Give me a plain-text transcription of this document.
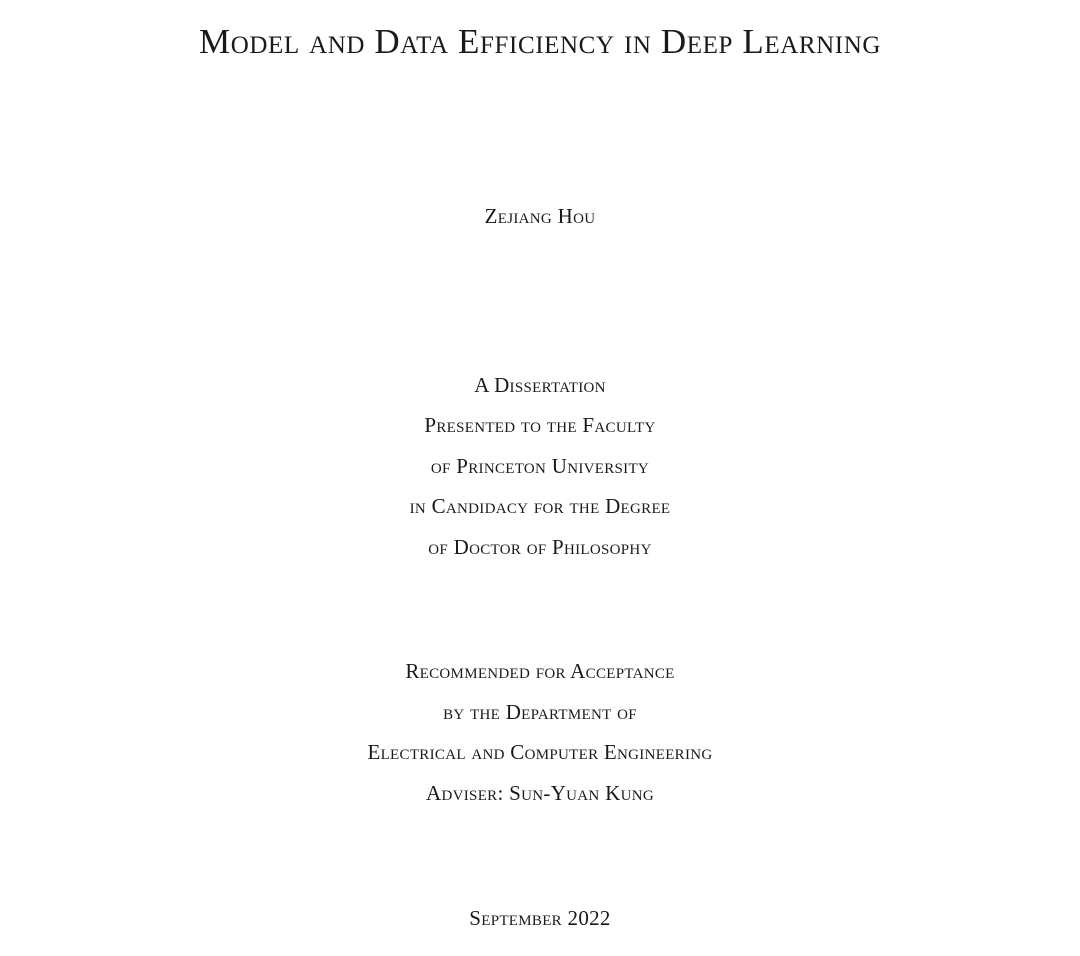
Model and Data Efficiency in Deep Learning
Zejiang Hou
A Dissertation
Presented to the Faculty
of Princeton University
in Candidacy for the Degree
of Doctor of Philosophy
Recommended for Acceptance
by the Department of
Electrical and Computer Engineering
Adviser: Sun-Yuan Kung
September 2022
